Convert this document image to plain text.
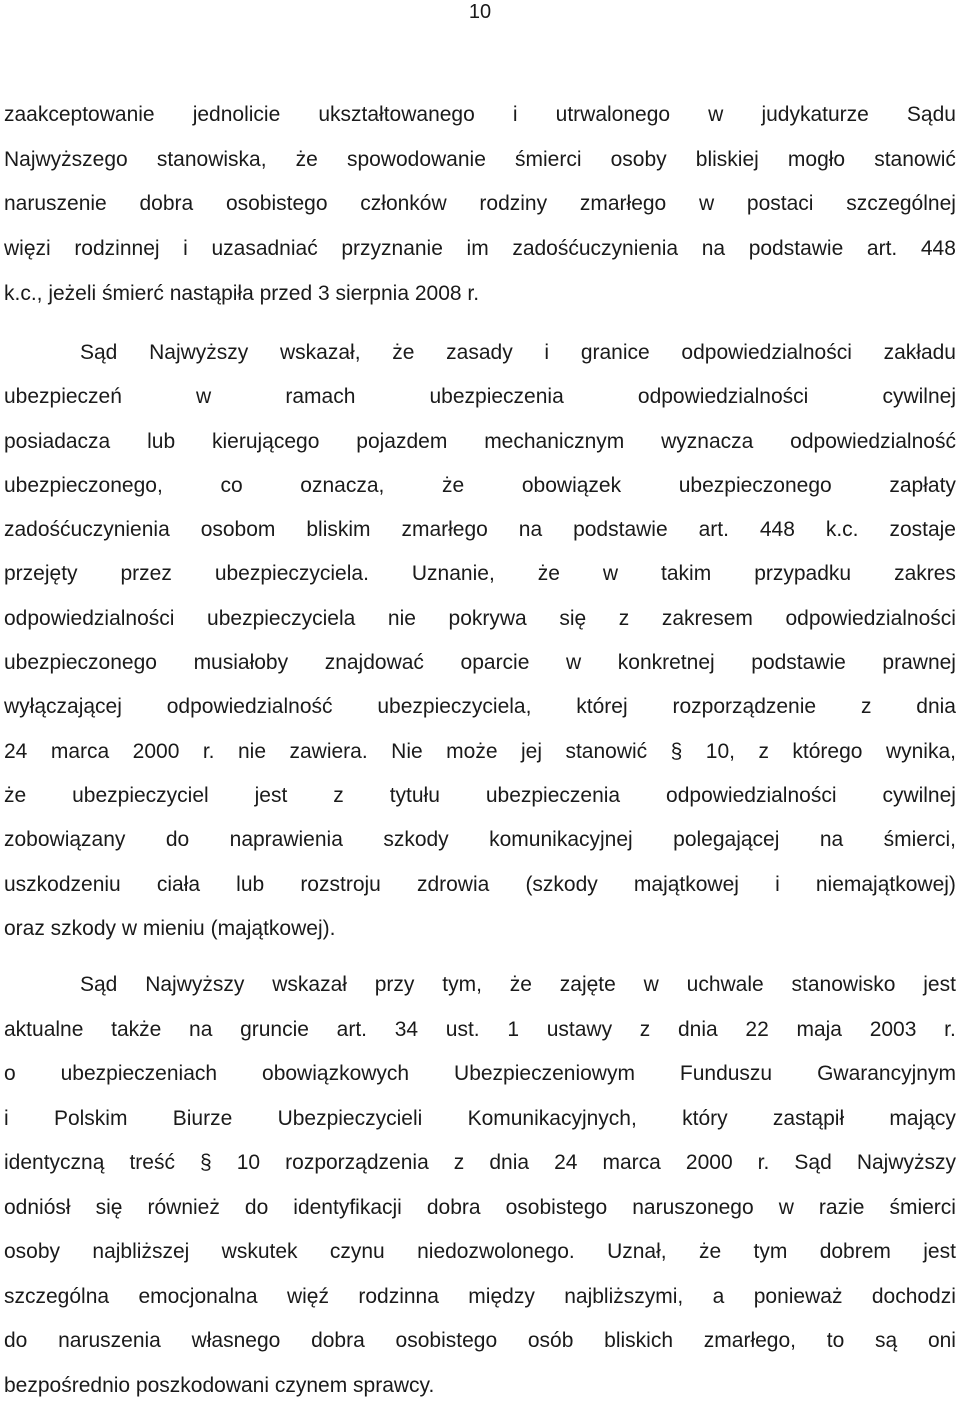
10
zaakceptowanie jednolicie ukształtowanego i utrwalonego w judykaturze Sądu
Najwyższego stanowiska, że spowodowanie śmierci osoby bliskiej mogło stanowić
naruszenie dobra osobistego członków rodziny zmarłego w postaci szczególnej
więzi rodzinnej i uzasadniać przyznanie im zadośćuczynienia na podstawie art. 448
k.c., jeżeli śmierć nastąpiła przed 3 sierpnia 2008 r.
Sąd Najwyższy wskazał, że zasady i granice odpowiedzialności zakładu
ubezpieczeń	w	ramach	ubezpieczenia	odpowiedzialności	cywilnej
posiadacza lub kierującego pojazdem mechanicznym wyznacza odpowiedzialność
ubezpieczonego,	co	oznacza,	że	obowiązek	ubezpieczonego	zapłaty
zadośćuczynienia osobom bliskim zmarłego na podstawie art. 448 k.c. zostaje
przejęty przez ubezpieczyciela. Uznanie, że w takim przypadku zakres
odpowiedzialności ubezpieczyciela nie pokrywa się z zakresem odpowiedzialności
ubezpieczonego musiałoby znajdować oparcie w konkretnej podstawie prawnej
wyłączającej odpowiedzialność ubezpieczyciela, której rozporządzenie z dnia
24 marca 2000 r. nie zawiera. Nie może jej stanowić § 10, z którego wynika,
że ubezpieczyciel jest z tytułu ubezpieczenia odpowiedzialności cywilnej
zobowiązany do naprawienia szkody komunikacyjnej polegającej na śmierci,
uszkodzeniu ciała lub rozstroju zdrowia (szkody majątkowej i niemajątkowej)
oraz szkody w mieniu (majątkowej).
Sąd Najwyższy wskazał przy tym, że zajęte w uchwale stanowisko jest
aktualne także na gruncie art. 34 ust. 1 ustawy z dnia 22 maja 2003 r.
o ubezpieczeniach obowiązkowych Ubezpieczeniowym Funduszu Gwarancyjnym
i Polskim Biurze Ubezpieczycieli Komunikacyjnych, który zastąpił mający
identyczną treść § 10 rozporządzenia z dnia 24 marca 2000 r. Sąd Najwyższy
odniósł się również do identyfikacji dobra osobistego naruszonego w razie śmierci
osoby najbliższej wskutek czynu niedozwolonego. Uznał, że tym dobrem jest
szczególna emocjonalna więź rodzinna między najbliższymi, a ponieważ dochodzi
do naruszenia własnego dobra osobistego osób bliskich zmarłego, to są oni
bezpośrednio poszkodowani czynem sprawcy.
